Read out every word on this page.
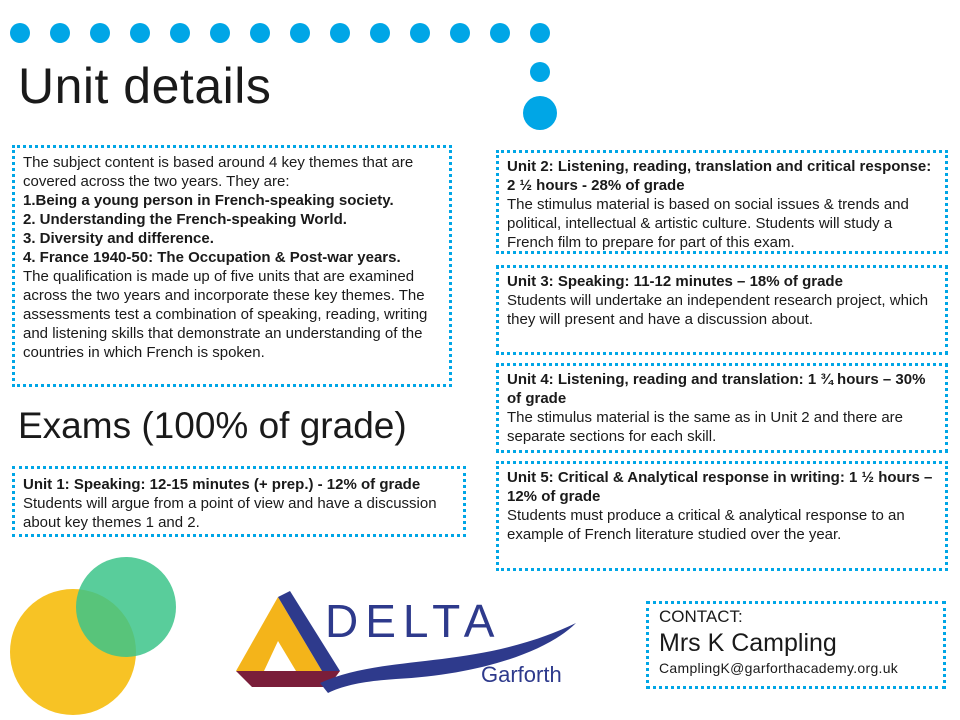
Unit details

The subject content is based around 4 key themes that are covered across the two years. They are:

1.Being a young person in French-speaking society.
2. Understanding the French-speaking World.
3. Diversity and difference.
4. France 1940-50: The Occupation & Post-war years.

The qualification is made up of five units that are examined across the two years and incorporate these key themes. The assessments test a combination of speaking, reading, writing and listening skills that demonstrate an understanding of the countries in which French is spoken.

Exams (100% of grade)
Unit 1: Speaking: 12-15 minutes (+ prep.) - 12% of grade

Students will argue from a point of view and have a discussion about key themes 1 and 2.

Unit 2: Listening, reading, translation and critical response: 2 ½ hours - 28% of grade

The stimulus material is based on social issues & trends and political, intellectual & artistic culture. Students will study a French film to prepare for part of this exam.

Unit 3: Speaking: 11-12 minutes – 18% of grade

Students will undertake an independent research project, which they will present and have a discussion about.

Unit 4: Listening, reading and translation: 1 ¾ hours – 30% of grade

The stimulus material is the same as in Unit 2 and there are separate sections for each skill.

Unit 5: Critical & Analytical response in writing: 1 ½ hours – 12% of grade

Students must produce a critical & analytical response to an example of French literature studied over the year.

DELTA
Garforth
CONTACT:
Mrs K Campling
CamplingK@garforthacademy.org.uk
